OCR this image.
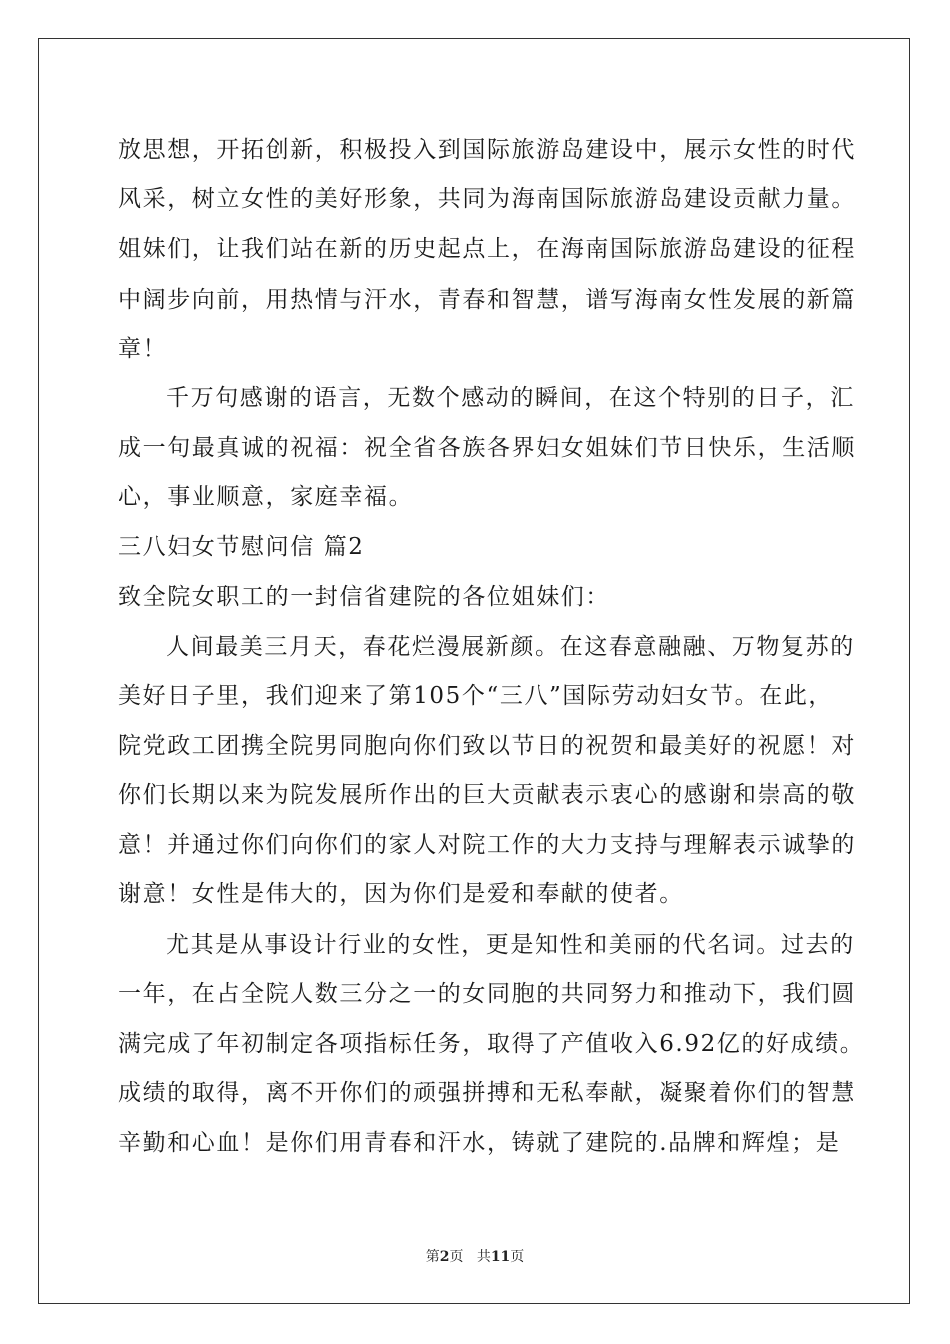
放思想，开拓创新，积极投入到国际旅游岛建设中，展示女性的时代
风采，树立女性的美好形象，共同为海南国际旅游岛建设贡献力量。
姐妹们，让我们站在新的历史起点上，在海南国际旅游岛建设的征程
中阔步向前，用热情与汗水，青春和智慧，谱写海南女性发展的新篇
章！
千万句感谢的语言，无数个感动的瞬间，在这个特别的日子，汇
成一句最真诚的祝福：祝全省各族各界妇女姐妹们节日快乐，生活顺
心，事业顺意，家庭幸福。
三八妇女节慰问信 篇2
致全院女职工的一封信省建院的各位姐妹们：
人间最美三月天，春花烂漫展新颜。在这春意融融、万物复苏的
美好日子里，我们迎来了第105个“三八”国际劳动妇女节。在此，
院党政工团携全院男同胞向你们致以节日的祝贺和最美好的祝愿！对
你们长期以来为院发展所作出的巨大贡献表示衷心的感谢和崇高的敬
意！并通过你们向你们的家人对院工作的大力支持与理解表示诚挚的
谢意！女性是伟大的，因为你们是爱和奉献的使者。
尤其是从事设计行业的女性，更是知性和美丽的代名词。过去的
一年，在占全院人数三分之一的女同胞的共同努力和推动下，我们圆
满完成了年初制定各项指标任务，取得了产值收入6.92亿的好成绩。
成绩的取得，离不开你们的顽强拼搏和无私奉献，凝聚着你们的智慧
辛勤和心血！是你们用青春和汗水，铸就了建院的.品牌和辉煌；是
第2页 共11页
